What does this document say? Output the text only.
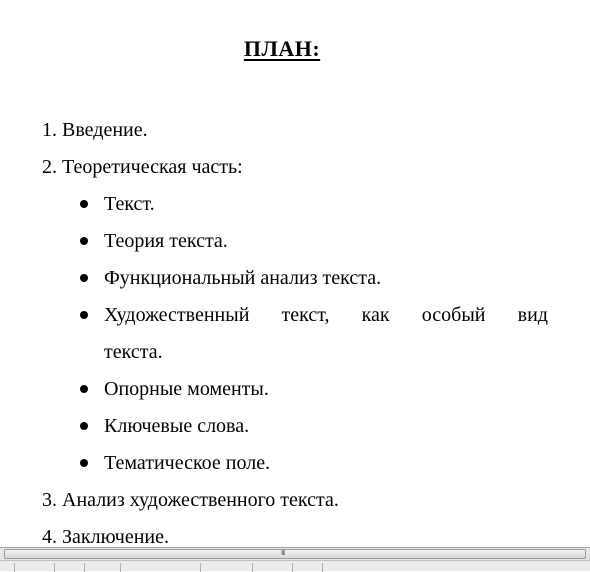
ПЛАН:
1. Введение.
2. Теоретическая часть:
Текст.
Теория текста.
Функциональный анализ текста.
Художественный текст, как особый вид
текста.
Опорные моменты.
Ключевые слова.
Тематическое поле.
3. Анализ художественного текста.
4. Заключение.
III
